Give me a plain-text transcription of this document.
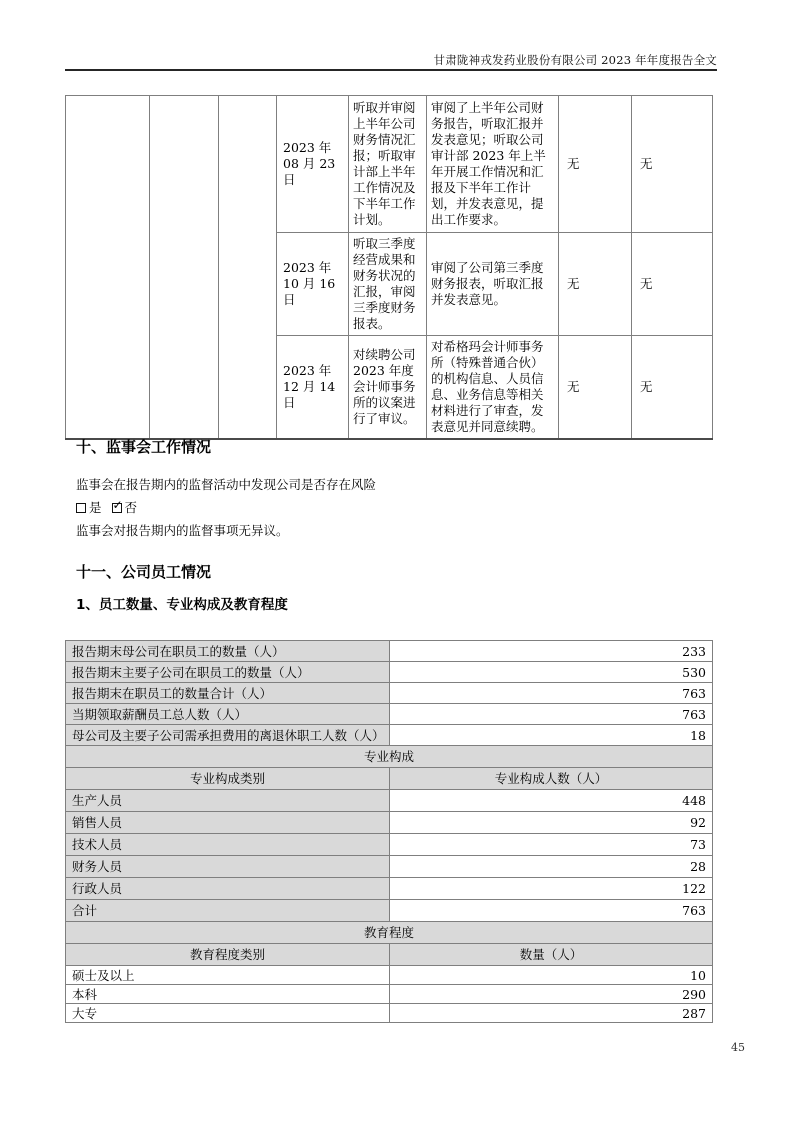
甘肃陇神戎发药业股份有限公司 2023 年年度报告全文
			2023 年 08 月 23 日	听取并审阅上半年公司财务情况汇报；听取审计部上半年工作情况及下半年工作计划。	审阅了上半年公司财务报告，听取汇报并发表意见；听取公司审计部 2023 年上半年开展工作情况和汇报及下半年工作计划，并发表意见，提出工作要求。	无	无
			2023 年 10 月 16 日	听取三季度经营成果和财务状况的汇报，审阅三季度财务报表。	审阅了公司第三季度财务报表，听取汇报并发表意见。	无	无
			2023 年 12 月 14 日	对续聘公司 2023 年度会计师事务所的议案进行了审议。	对希格玛会计师事务所（特殊普通合伙）的机构信息、人员信息、业务信息等相关材料进行了审查，发表意见并同意续聘。	无	无
十、监事会工作情况

监事会在报告期内的监督活动中发现公司是否存在风险

是 ✓ 否

监事会对报告期内的监督事项无异议。

十一、公司员工情况
1、员工数量、专业构成及教育程度
报告期末母公司在职员工的数量（人）	233
报告期末主要子公司在职员工的数量（人）	530
报告期末在职员工的数量合计（人）	763
当期领取薪酬员工总人数（人）	763
母公司及主要子公司需承担费用的离退休职工人数（人）	18
专业构成	
专业构成类别	专业构成人数（人）
生产人员	448
销售人员	92
技术人员	73
财务人员	28
行政人员	122
合计	763
教育程度	
教育程度类别	数量（人）
硕士及以上	10
本科	290
大专	287
45
